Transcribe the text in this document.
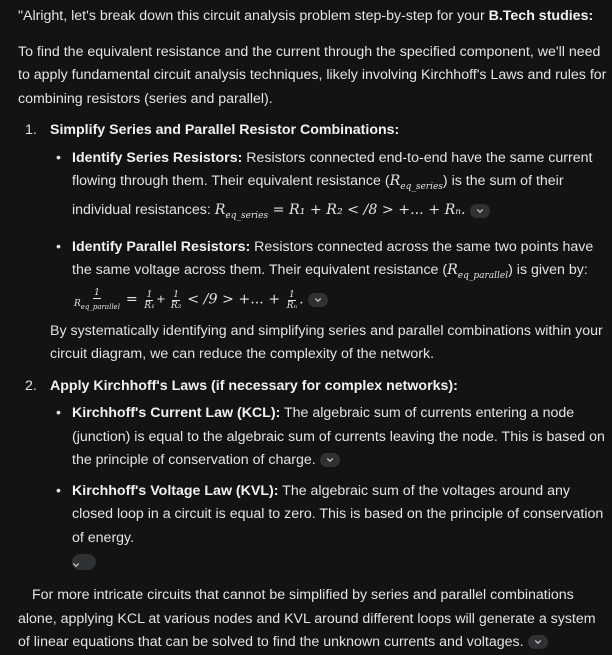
"Alright, let's break down this circuit analysis problem step-by-step for your B.Tech studies:

To find the equivalent resistance and the current through the specified component, we'll need to apply fundamental circuit analysis techniques, likely involving Kirchhoff's Laws and rules for combining resistors (series and parallel).

1. Simplify Series and Parallel Resistor Combinations:
• Identify Series Resistors: Resistors connected end-to-end have the same current flowing through them. Their equivalent resistance $(R_{eq\_series})$ is the sum of their individual resistances: $R_{eq\_series} = R_1 + R_2 < /8$ > +... + Rₙ.
• Identify Parallel Resistors: Resistors connected across the same two points have the same voltage across them. Their equivalent resistance $(R_{eq\_parallel})$ is given by:

$\frac{1}{R_{eq\_parallel}} = \frac{1}{\text{R₁}} + \frac{1}{\text{R₂}} < /9$ > +... + $\frac{1}{\text{Rₙ}}$ .

By systematically identifying and simplifying series and parallel combinations within your circuit diagram, we can reduce the complexity of the network.

2. Apply Kirchhoff's Laws (if necessary for complex networks):
• Kirchhoff's Current Law (KCL): The algebraic sum of currents entering a node (junction) is equal to the algebraic sum of currents leaving the node. This is based on the principle of conservation of charge.
• Kirchhoff's Voltage Law (KVL): The algebraic sum of the voltages around any closed loop in a circuit is equal to zero. This is based on the principle of conservation of energy.

For more intricate circuits that cannot be simplified by series and parallel combinations alone, applying KCL at various nodes and KVL around different loops will generate a system of linear equations that can be solved to find the unknown currents and voltages.
